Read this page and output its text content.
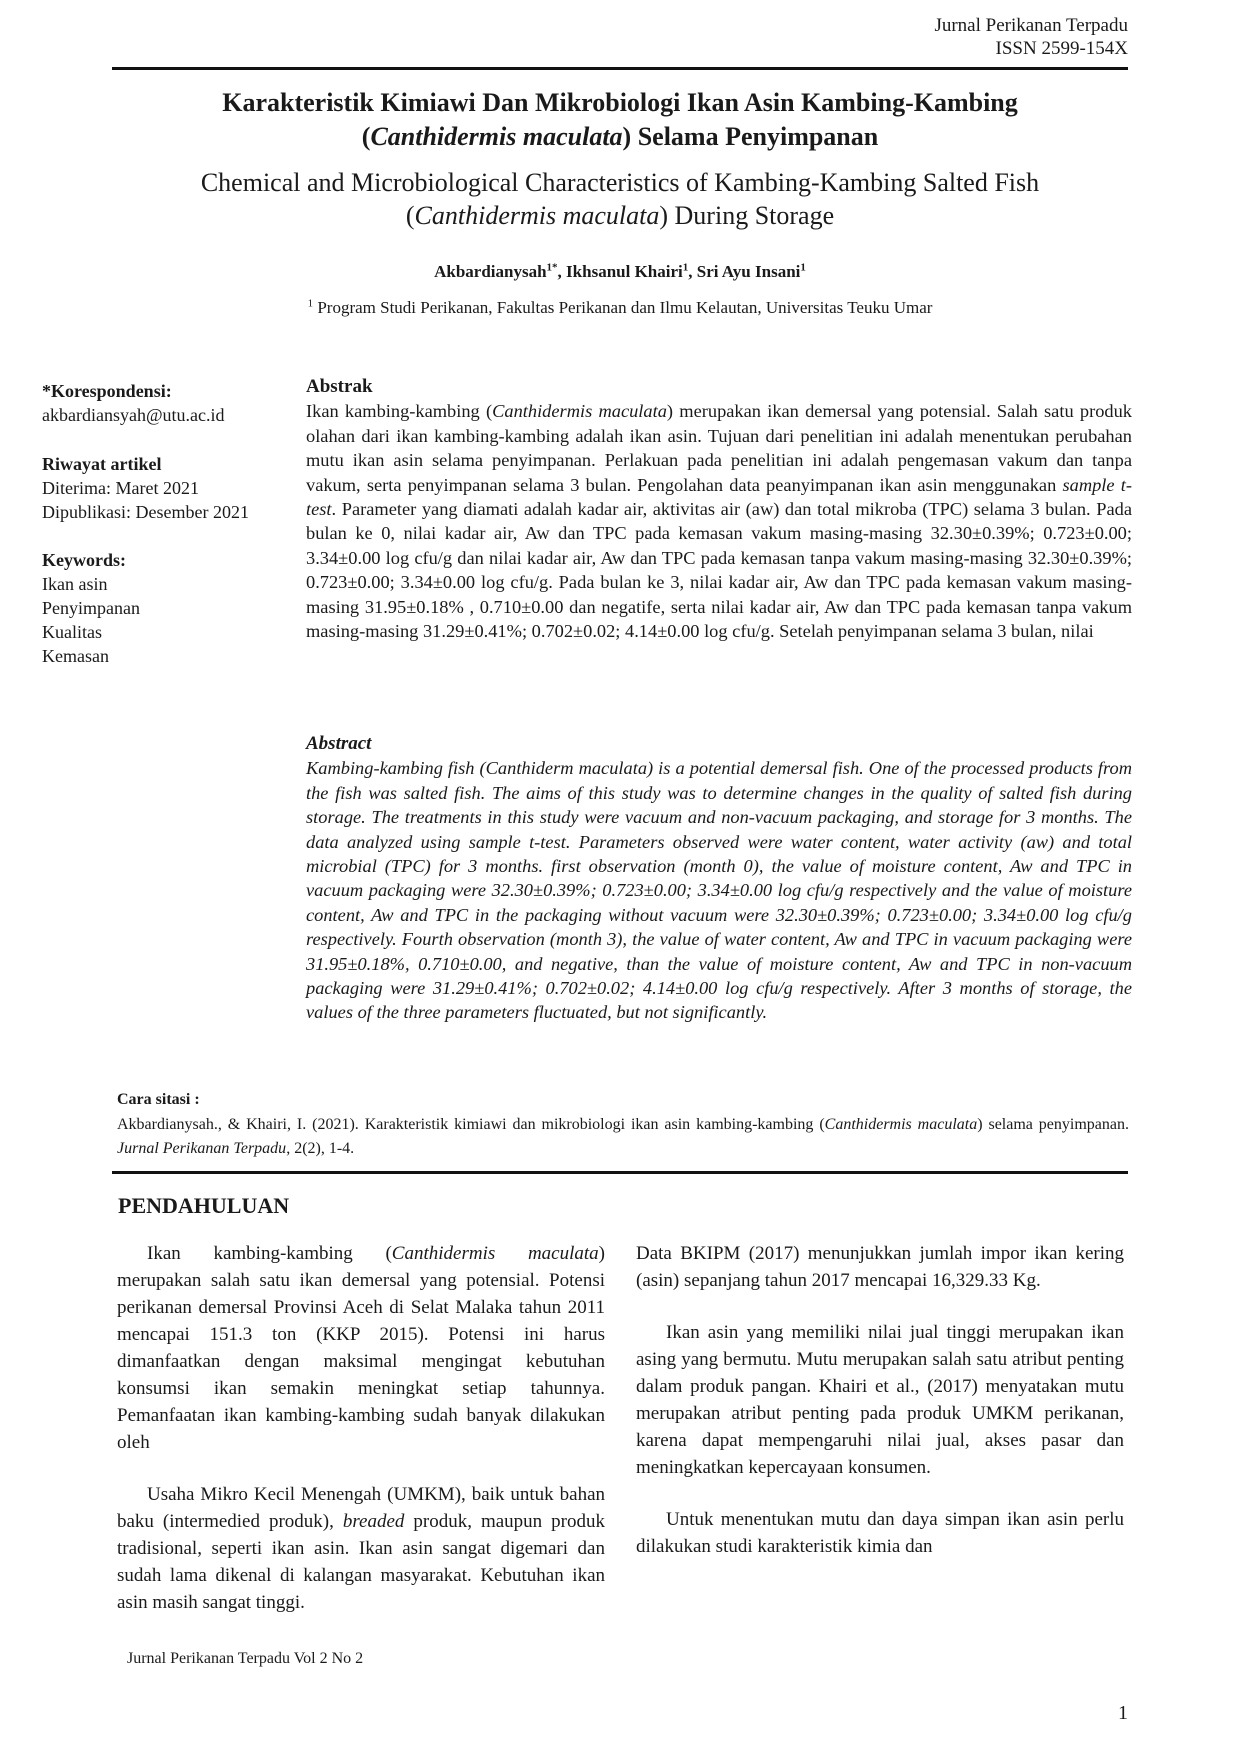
Jurnal Perikanan Terpadu
ISSN 2599-154X
Karakteristik Kimiawi Dan Mikrobiologi Ikan Asin Kambing-Kambing
(Canthidermis maculata) Selama Penyimpanan
Chemical and Microbiological Characteristics of Kambing-Kambing Salted Fish
(Canthidermis maculata) During Storage
Akbardianysah$^{1*}$, Ikhsanul Khairi$^1$, Sri Ayu Insani$^1$
$^1$ Program Studi Perikanan, Fakultas Perikanan dan Ilmu Kelautan, Universitas Teuku Umar
*Korespondensi:
akbardiansyah@utu.ac.id
Riwayat artikel
Diterima: Maret 2021
Dipublikasi: Desember 2021
Keywords:
Ikan asin
Penyimpanan
Kualitas
Kemasan
Abstrak
Ikan kambing-kambing (Canthidermis maculata) merupakan ikan demersal yang potensial. Salah satu produk olahan dari ikan kambing-kambing adalah ikan asin. Tujuan dari penelitian ini adalah menentukan perubahan mutu ikan asin selama penyimpanan. Perlakuan pada penelitian ini adalah pengemasan vakum dan tanpa vakum, serta penyimpanan selama 3 bulan. Pengolahan data peanyimpanan ikan asin menggunakan sample t-test. Parameter yang diamati adalah kadar air, aktivitas air (aw) dan total mikroba (TPC) selama 3 bulan. Pada bulan ke 0, nilai kadar air, Aw dan TPC pada kemasan vakum masing-masing 32.30±0.39%; 0.723±0.00; 3.34±0.00 log cfu/g dan nilai kadar air, Aw dan TPC pada kemasan tanpa vakum masing-masing 32.30±0.39%; 0.723±0.00; 3.34±0.00 log cfu/g. Pada bulan ke 3, nilai kadar air, Aw dan TPC pada kemasan vakum masing-masing 31.95±0.18% , 0.710±0.00 dan negatife, serta nilai kadar air, Aw dan TPC pada kemasan tanpa vakum masing-masing 31.29±0.41%; 0.702±0.02; 4.14±0.00 log cfu/g. Setelah penyimpanan selama 3 bulan, nilai
Abstract
Kambing-kambing fish (Canthiderm maculata) is a potential demersal fish. One of the processed products from the fish was salted fish. The aims of this study was to determine changes in the quality of salted fish during storage. The treatments in this study were vacuum and non-vacuum packaging, and storage for 3 months. The data analyzed using sample t-test. Parameters observed were water content, water activity (aw) and total microbial (TPC) for 3 months. first observation (month 0), the value of moisture content, Aw and TPC in vacuum packaging were 32.30±0.39%; 0.723±0.00; 3.34±0.00 log cfu/g respectively and the value of moisture content, Aw and TPC in the packaging without vacuum were 32.30±0.39%; 0.723±0.00; 3.34±0.00 log cfu/g respectively. Fourth observation (month 3), the value of water content, Aw and TPC in vacuum packaging were 31.95±0.18%, 0.710±0.00, and negative, than the value of moisture content, Aw and TPC in non-vacuum packaging were 31.29±0.41%; 0.702±0.02; 4.14±0.00 log cfu/g respectively. After 3 months of storage, the values of the three parameters fluctuated, but not significantly.
Cara sitasi :
Akbardianysah., & Khairi, I. (2021). Karakteristik kimiawi dan mikrobiologi ikan asin kambing-kambing (Canthidermis maculata) selama penyimpanan. Jurnal Perikanan Terpadu, 2(2), 1-4.
PENDAHULUAN

Ikan kambing-kambing (Canthidermis maculata) merupakan salah satu ikan demersal yang potensial. Potensi perikanan demersal Provinsi Aceh di Selat Malaka tahun 2011 mencapai 151.3 ton (KKP 2015). Potensi ini harus dimanfaatkan dengan maksimal mengingat kebutuhan konsumsi ikan semakin meningkat setiap tahunnya. Pemanfaatan ikan kambing-kambing sudah banyak dilakukan oleh

Usaha Mikro Kecil Menengah (UMKM), baik untuk bahan baku (intermedied produk), breaded produk, maupun produk tradisional, seperti ikan asin. Ikan asin sangat digemari dan sudah lama dikenal di kalangan masyarakat. Kebutuhan ikan asin masih sangat tinggi.

Data BKIPM (2017) menunjukkan jumlah impor ikan kering (asin) sepanjang tahun 2017 mencapai 16,329.33 Kg.

Ikan asin yang memiliki nilai jual tinggi merupakan ikan asing yang bermutu. Mutu merupakan salah satu atribut penting dalam produk pangan. Khairi et al., (2017) menyatakan mutu merupakan atribut penting pada produk UMKM perikanan, karena dapat mempengaruhi nilai jual, akses pasar dan meningkatkan kepercayaan konsumen.

Untuk menentukan mutu dan daya simpan ikan asin perlu dilakukan studi karakteristik kimia dan

Jurnal Perikanan Terpadu Vol 2 No 2
1
